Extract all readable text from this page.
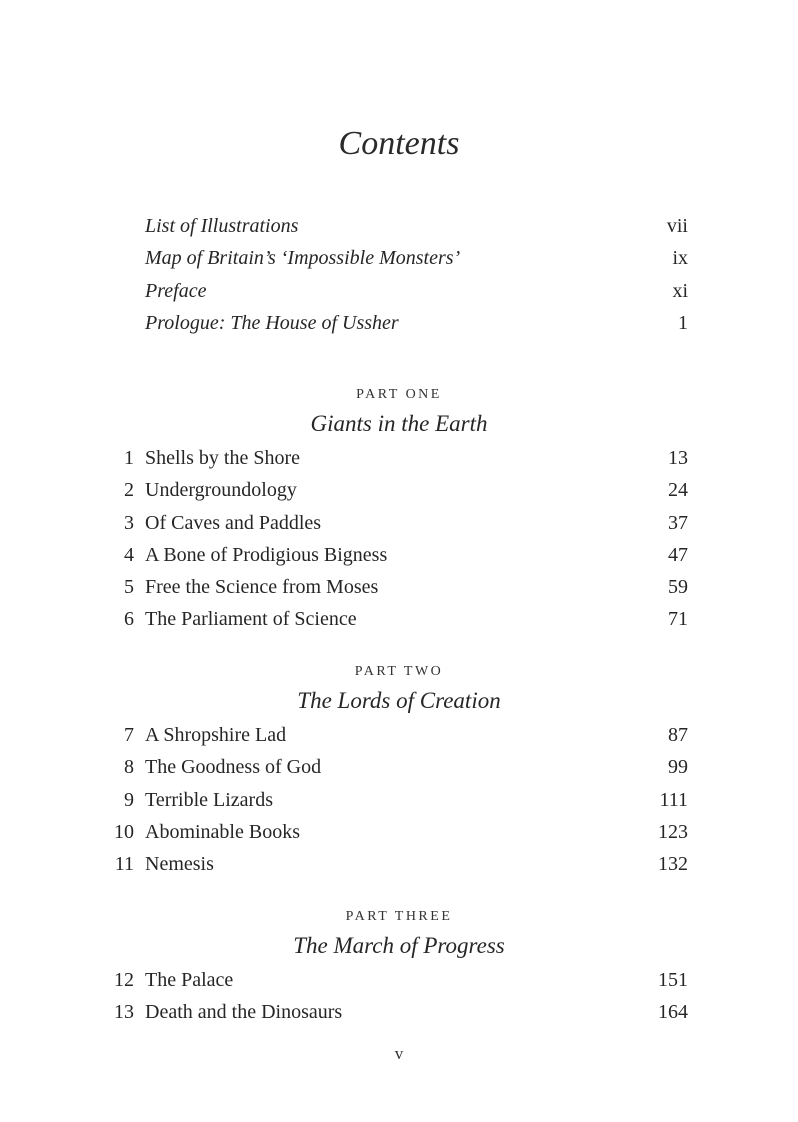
Contents
List of Illustrations	vii
Map of Britain’s ‘Impossible Monsters’	ix
Preface	xi
Prologue: The House of Ussher	1
PART ONE
Giants in the Earth
1 Shells by the Shore	13
2 Undergroundology	24
3 Of Caves and Paddles	37
4 A Bone of Prodigious Bigness	47
5 Free the Science from Moses	59
6 The Parliament of Science	71
PART TWO
The Lords of Creation
7 A Shropshire Lad	87
8 The Goodness of God	99
9 Terrible Lizards	111
10 Abominable Books	123
11 Nemesis	132
PART THREE
The March of Progress
12 The Palace	151
13 Death and the Dinosaurs	164
v
